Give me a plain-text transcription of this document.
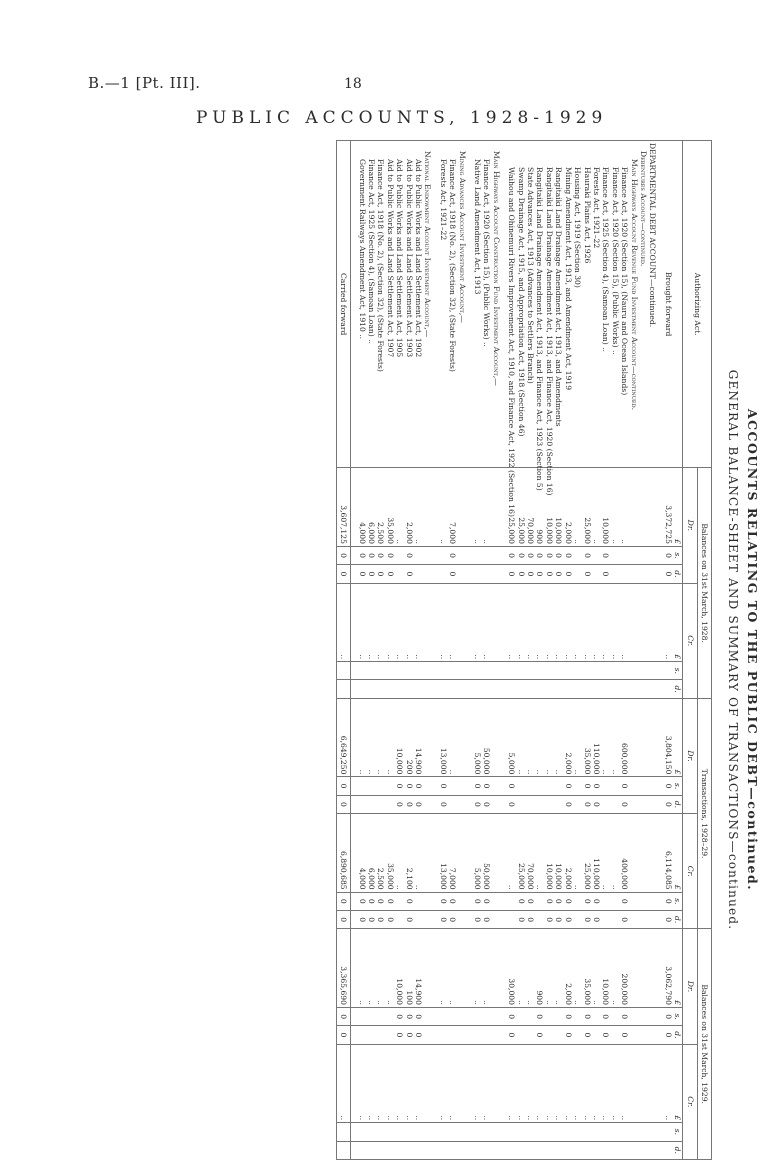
B.—1 [Pt. III].	18
PUBLIC ACCOUNTS, 1928-1929
ACCOUNTS RELATING TO THE PUBLIC DEBT—continued.
GENERAL BALANCE-SHEET AND SUMMARY OF TRANSACTIONS—continued.
Authorizing Act.	Balances on 31st March, 1928.						Transactions, 1928–29.						Balances on 31st March, 1929.					
	Dr.			Cr.			Dr.			Cr.			Dr.			Cr.		
	£	s.	d.	£	s.	d.	£	s.	d.	£	s.	d.	£	s.	d.	£	s.	d.
Brought forward	3,372,725	0	0	..			3,804,150	0	0	6,114,085	0	0	3,062,790	0	0	..		

DEPARTMENTAL DEBT ACCOUNT—continued.																		
Debentures Account—continued.																		
Main Highways Account Revenue Fund Investment Account—continued.																		
Finance Act, 1920 (Section 15), (Nauru and Ocean Islands)	..			..			600,000	0	0	400,000	0	0	200,000	0	0	..		
Finance Act, 1920 (Section 15), (Public Works) ..	..			..			..			..			..			..		
Finance Act, 1925 (Section 4), (Samoan Loan) ..	10,000	0	0	..			..			..			10,000	0	0	..		
Forests Act, 1921–22	..			..			110,000	0	0	110,000	0	0	..			..		
Hauraki Plains Act, 1926	25,000	0	0	..			35,000	0	0	25,000	0	0	35,000	0	0	..		
Housing Act, 1919 (Section 30)	..			..			..			..			..			..		
Mining Amendment Act, 1913, and Amendment Act, 1919	2,000	0	0	..			2,000	0	0	2,000	0	0	2,000	0	0	..		
Rangitaiki Land Drainage Amendment Act, 1913, and Amendments	10,000	0	0	..			..			10,000	0	0	..			..		
Rangitaiki Land Drainage Amendment Act, 1913, and Finance Act, 1920 (Section 16)	10,000	0	0	..			..			10,000	0	0	..			..		
Rangitaiki Land Drainage Amendment Act, 1913, and Finance Act, 1923 (Section 5)	900	0	0	..			..			..			900	0	0	..		
State Advances Act, 1913 (Advances to Settlers Branch)	70,000	0	0	..			..			70,000	0	0	..			..		
Swamp Drainage Act, 1915, and Appropriation Act, 1918 (Section 46)	25,000	0	0	..			..			25,000	0	0	..			..		
Waihou and Ohinemuri Rivers Improvement Act, 1910, and Finance Act, 1922 (Section 16)	25,000	0	0	..			5,000	0	0	..			30,000	0	0	..		

Main Highways Account Construction Fund Investment Account,—																		
Finance Act, 1920 (Section 15), (Public Works) ..	..			..			50,000	0	0	50,000	0	0	..			..		
Native Land Amendment Act, 1913	..			..			5,000	0	0	5,000	0	0	..			..		

Mining Advances Account Investment Account,—																		
Finance Act, 1918 (No. 2), (Section 32), (State Forests)	7,000	0	0	..			..			7,000	0	0	..			..		
Forests Act, 1921–22	..			..			13,000	0	0	13,000	0	0	..			..		

National Endowment Account Investment Account,—																		
Aid to Public Works and Land Settlement Act, 1902	..			..			14,900	0	0	..			14,900	0	0	..		
Aid to Public Works and Land Settlement Act, 1903	2,000	0	0	..			200	0	0	2,100	0	0	100	0	0	..		
Aid to Public Works and Land Settlement Act, 1905	..			..			10,000	0	0	..			10,000	0	0	..		
Aid to Public Works and Land Settlement Act, 1907	35,000	0	0	..			..			35,000	0	0	..			..		
Finance Act, 1918 (No. 2), (Section 32), (State Forests)	2,500	0	0	..			..			2,500	0	0	..			..		
Finance Act, 1925 (Section 4), (Samoan Loan) ..	6,000	0	0	..			..			6,000	0	0	..			..		
Government Railways Amendment Act, 1910 ..	4,000	0	0	..			..			4,000	0	0	..			..		

Carried forward	3,607,125	0	0	..			6,649,250	0	0	6,890,685	0	0	3,365,690	0	0	..		
